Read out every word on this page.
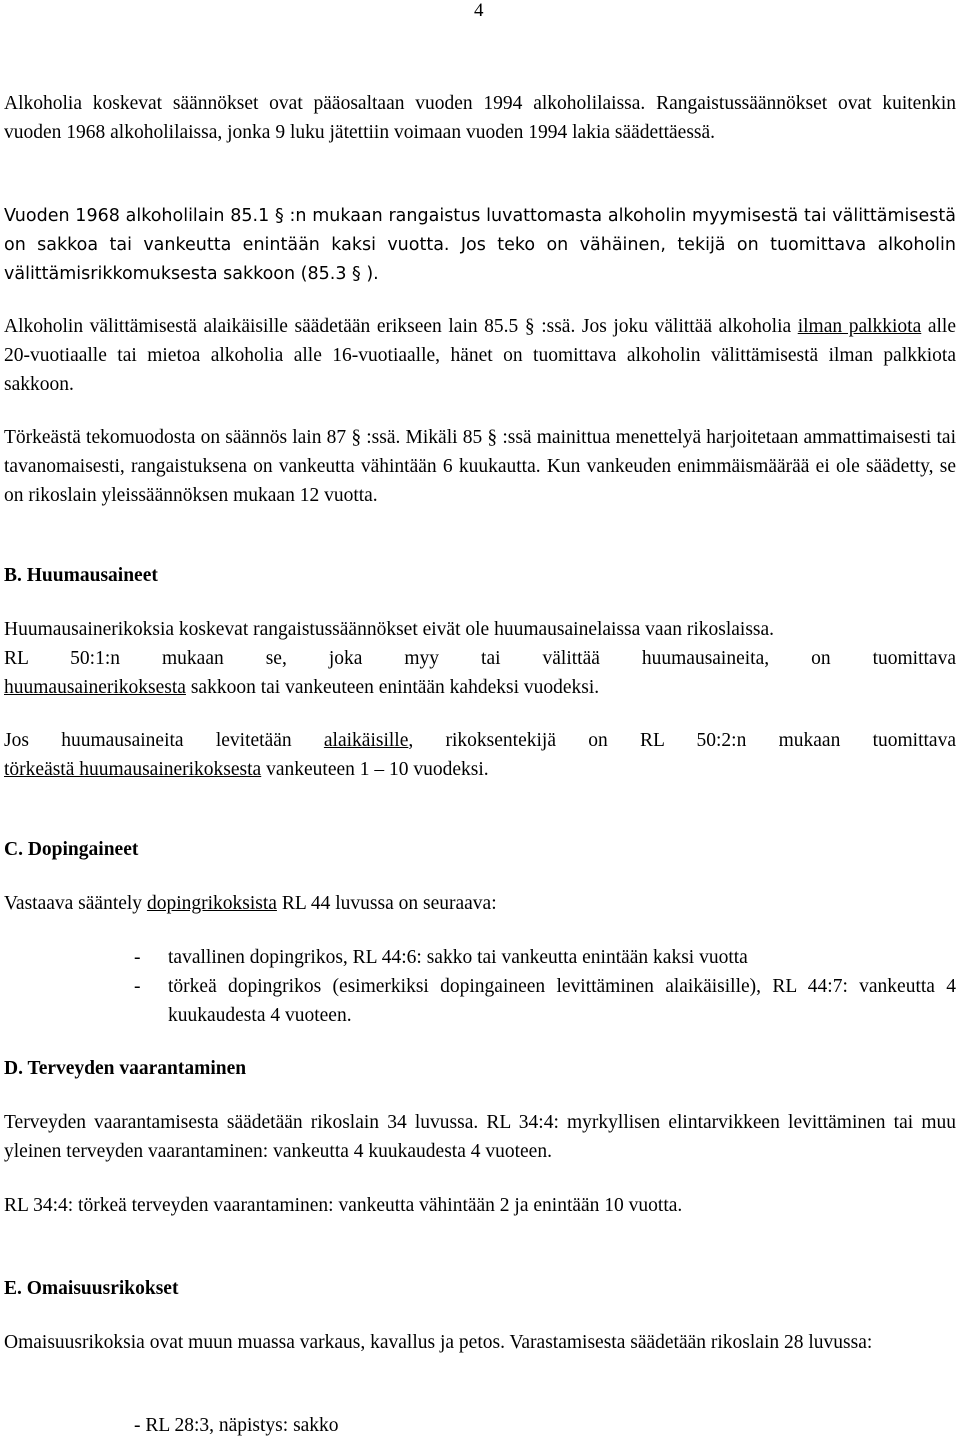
4

Alkoholia koskevat säännökset ovat pääosaltaan vuoden 1994 alkoholilaissa. Rangaistussäännökset ovat kuitenkin vuoden 1968 alkoholilaissa, jonka 9 luku jätettiin voimaan vuoden 1994 lakia säädettäessä.

Vuoden 1968 alkoholilain 85.1 § :n mukaan rangaistus luvattomasta alkoholin myymisestä tai välittämisestä on sakkoa tai vankeutta enintään kaksi vuotta. Jos teko on vähäinen, tekijä on tuomittava alkoholin välittämisrikkomuksesta sakkoon (85.3 § ).

Alkoholin välittämisestä alaikäisille säädetään erikseen lain 85.5 § :ssä. Jos joku välittää alkoholia ilman palkkiota alle 20-vuotiaalle tai mietoa alkoholia alle 16-vuotiaalle, hänet on tuomittava alkoholin välittämisestä ilman palkkiota sakkoon.

Törkeästä tekomuodosta on säännös lain 87 § :ssä. Mikäli 85 § :ssä mainittua menettelyä harjoitetaan ammattimaisesti tai tavanomaisesti, rangaistuksena on vankeutta vähintään 6 kuukautta. Kun vankeuden enimmäismäärää ei ole säädetty, se on rikoslain yleissäännöksen mukaan 12 vuotta.

B. Huumausaineet

Huumausainerikoksia koskevat rangaistussäännökset eivät ole huumausainelaissa vaan rikoslaissa.
RL 50:1:n mukaan se, joka myy tai välittää huumausaineita, on tuomittava
huumausainerikoksesta sakkoon tai vankeuteen enintään kahdeksi vuodeksi.
Jos huumausaineita levitetään alaikäisille, rikoksentekijä on RL 50:2:n mukaan tuomittava
törkeästä huumausainerikoksesta vankeuteen 1 – 10 vuodeksi.

C. Dopingaineet

Vastaava sääntely dopingrikoksista RL 44 luvussa on seuraava:

- tavallinen dopingrikos, RL 44:6: sakko tai vankeutta enintään kaksi vuotta
- törkeä dopingrikos (esimerkiksi dopingaineen levittäminen alaikäisille), RL 44:7: vankeutta 4 kuukaudesta 4 vuoteen.

D. Terveyden vaarantaminen

Terveyden vaarantamisesta säädetään rikoslain 34 luvussa. RL 34:4: myrkyllisen elintarvikkeen levittäminen tai muu yleinen terveyden vaarantaminen: vankeutta 4 kuukaudesta 4 vuoteen.

RL 34:4: törkeä terveyden vaarantaminen: vankeutta vähintään 2 ja enintään 10 vuotta.

E. Omaisuusrikokset

Omaisuusrikoksia ovat muun muassa varkaus, kavallus ja petos. Varastamisesta säädetään rikoslain 28 luvussa:

- RL 28:3, näpistys: sakko
